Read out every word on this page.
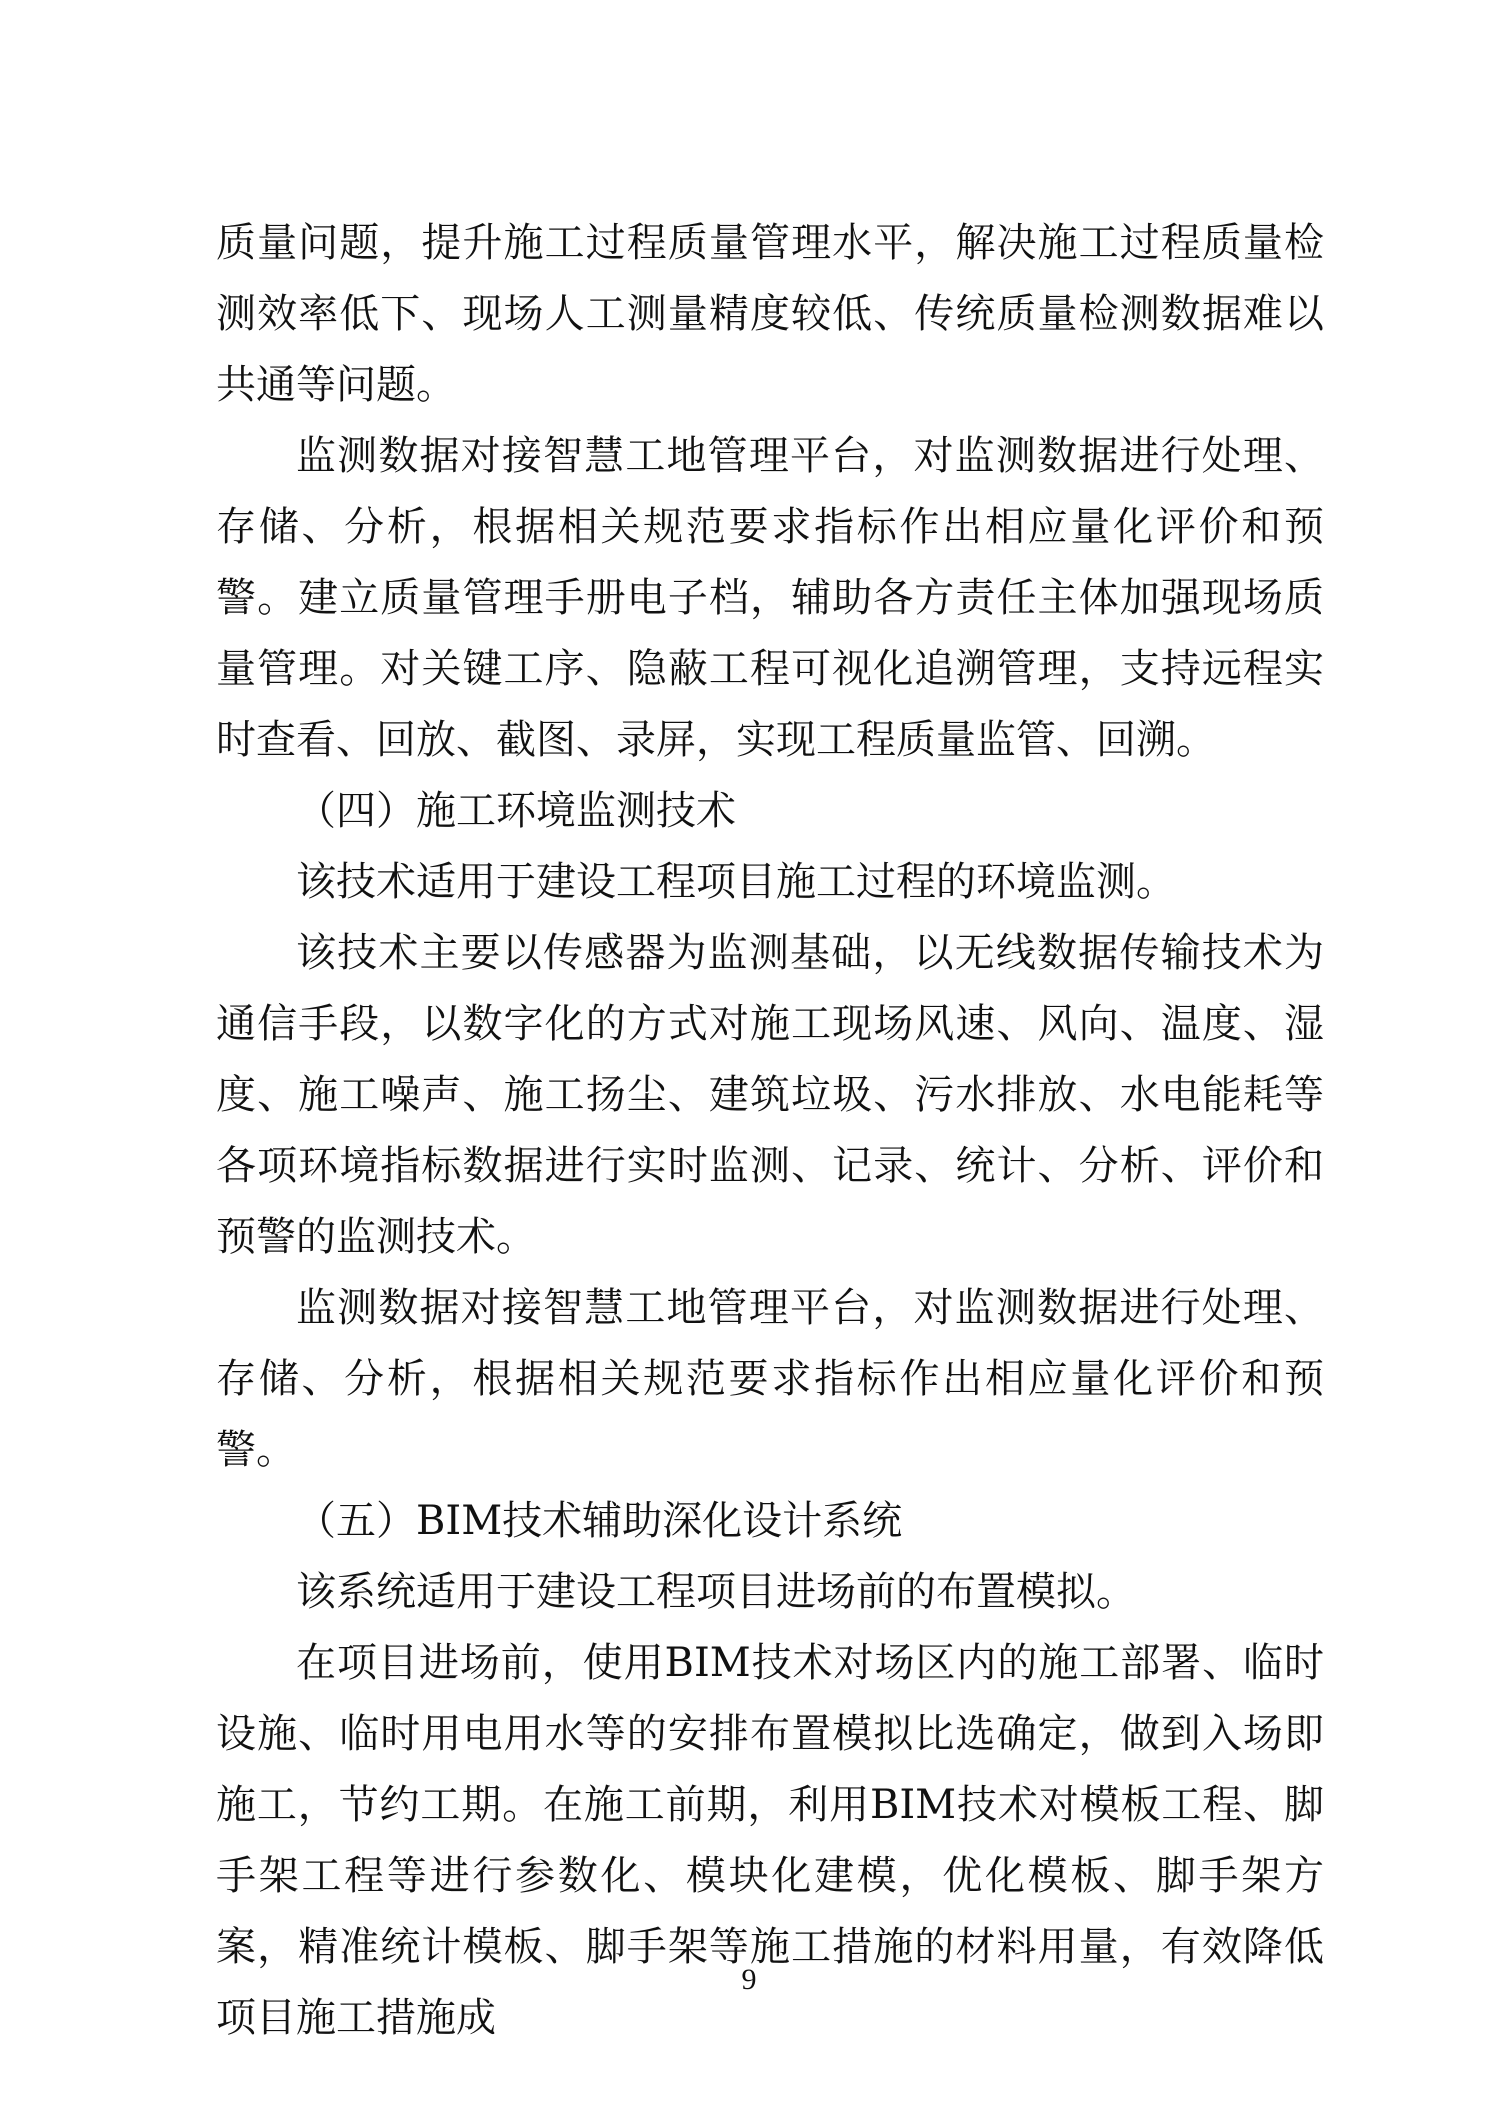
质量问题，提升施工过程质量管理水平，解决施工过程质量检测效率低下、现场人工测量精度较低、传统质量检测数据难以共通等问题。

监测数据对接智慧工地管理平台，对监测数据进行处理、存储、分析，根据相关规范要求指标作出相应量化评价和预警。建立质量管理手册电子档，辅助各方责任主体加强现场质量管理。对关键工序、隐蔽工程可视化追溯管理，支持远程实时查看、回放、截图、录屏，实现工程质量监管、回溯。

（四）施工环境监测技术

该技术适用于建设工程项目施工过程的环境监测。

该技术主要以传感器为监测基础，以无线数据传输技术为通信手段，以数字化的方式对施工现场风速、风向、温度、湿度、施工噪声、施工扬尘、建筑垃圾、污水排放、水电能耗等各项环境指标数据进行实时监测、记录、统计、分析、评价和预警的监测技术。

监测数据对接智慧工地管理平台，对监测数据进行处理、存储、分析，根据相关规范要求指标作出相应量化评价和预警。

（五）BIM技术辅助深化设计系统

该系统适用于建设工程项目进场前的布置模拟。

在项目进场前，使用BIM技术对场区内的施工部署、临时设施、临时用电用水等的安排布置模拟比选确定，做到入场即施工，节约工期。在施工前期，利用BIM技术对模板工程、脚手架工程等进行参数化、模块化建模，优化模板、脚手架方案，精准统计模板、脚手架等施工措施的材料用量，有效降低项目施工措施成

9
